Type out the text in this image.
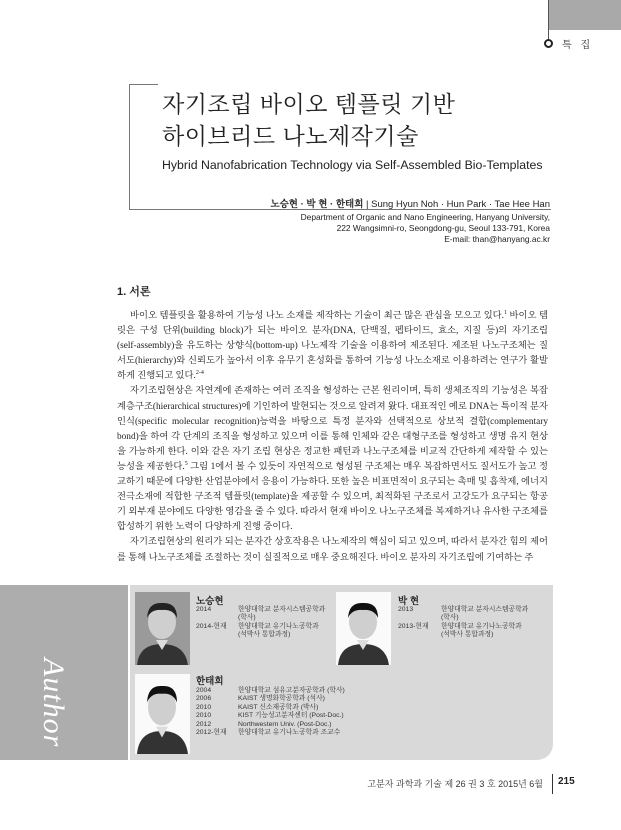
특 집
자기조립 바이오 템플릿 기반
하이브리드 나노제작기술
Hybrid Nanofabrication Technology via Self-Assembled Bio-Templates
노승현 · 박 현 · 한태희 | Sung Hyun Noh · Hun Park · Tae Hee Han
Department of Organic and Nano Engineering, Hanyang University,
222 Wangsimni-ro, Seongdong-gu, Seoul 133-791, Korea
E-mail: than@hanyang.ac.kr
1. 서론
바이오 템플릿을 활용하여 기능성 나노 소재를 제작하는 기술이 최근 많은 관심을 모으고 있다.$^1$ 바이오 템
릿은 구성 단위(building block)가 되는 바이오 분자(DNA, 단백질, 펩타이드, 효소, 지질 등)의 자기조립
(self-assembly)을 유도하는 상향식(bottom-up) 나노제작 기술을 이용하여 제조된다. 제조된 나노구조체는 질
서도(hierarchy)와 신뢰도가 높아서 이후 유무기 혼성화를 통하여 기능성 나노소재로 이용하려는 연구가 활발
하게 진행되고 있다.$^{2-4}$
자기조립현상은 자연계에 존재하는 여러 조직을 형성하는 근본 원리이며, 특히 생체조직의 기능성은 복잡
계층구조(hierarchical structures)에 기인하여 발현되는 것으로 알려져 왔다. 대표적인 예로 DNA는 특이적 분자
인식(specific molecular recognition)능력을 바탕으로 특정 분자와 선택적으로 상보적 결합(complementary
bond)을 하여 각 단계의 조직을 형성하고 있으며 이를 통해 인체와 같은 대형구조를 형성하고 생명 유지 현상
을 가능하게 한다. 이와 같은 자기 조립 현상은 정교한 패턴과 나노구조체를 비교적 간단하게 제작할 수 있는
능성을 제공한다.$^5$ 그림 1에서 볼 수 있듯이 자연적으로 형성된 구조체는 매우 복잡하면서도 질서도가 높고 정
교하기 때문에 다양한 산업분야에서 응용이 가능하다. 또한 높은 비표면적이 요구되는 촉매 및 흡착제, 에너지
전극소재에 적합한 구조적 템플릿(template)을 제공할 수 있으며, 최적화된 구조로서 고강도가 요구되는 항공
기 외부재 분야에도 다양한 영감을 줄 수 있다. 따라서 현재 바이오 나노구조체를 복제하거나 유사한 구조체를
합성하기 위한 노력이 다양하게 진행 중이다.
자기조립현상의 원리가 되는 분자간 상호작용은 나노제작의 핵심이 되고 있으며, 따라서 분자간 힘의 제어
를 통해 나노구조체를 조절하는 것이 실질적으로 매우 중요해진다. 바이오 분자의 자기조립에 기여하는 주
Author
고분자 과학과 기술 제 26 권 3 호 2015년 6월 215
노승현
2014	한양대학교 분자시스템공학과
(학사)
2014-현재 한양대학교 유기나노공학과
(석박사 통합과정)
박 현
2013	한양대학교 분자시스템공학과
(학사)
2013-현재 한양대학교 유기나노공학과
(석박사 통합과정)
한태희
2004	한양대학교 섬유고분자공학과 (학사)
2006	KAIST 생명화학공학과 (석사)
2010	KAIST 신소재공학과 (박사)
2010	KIST 기능성고분자센터 (Post-Doc.)
2012	Northwestern Univ. (Post-Doc.)
2012-현재 한양대학교 유기나노공학과 조교수
